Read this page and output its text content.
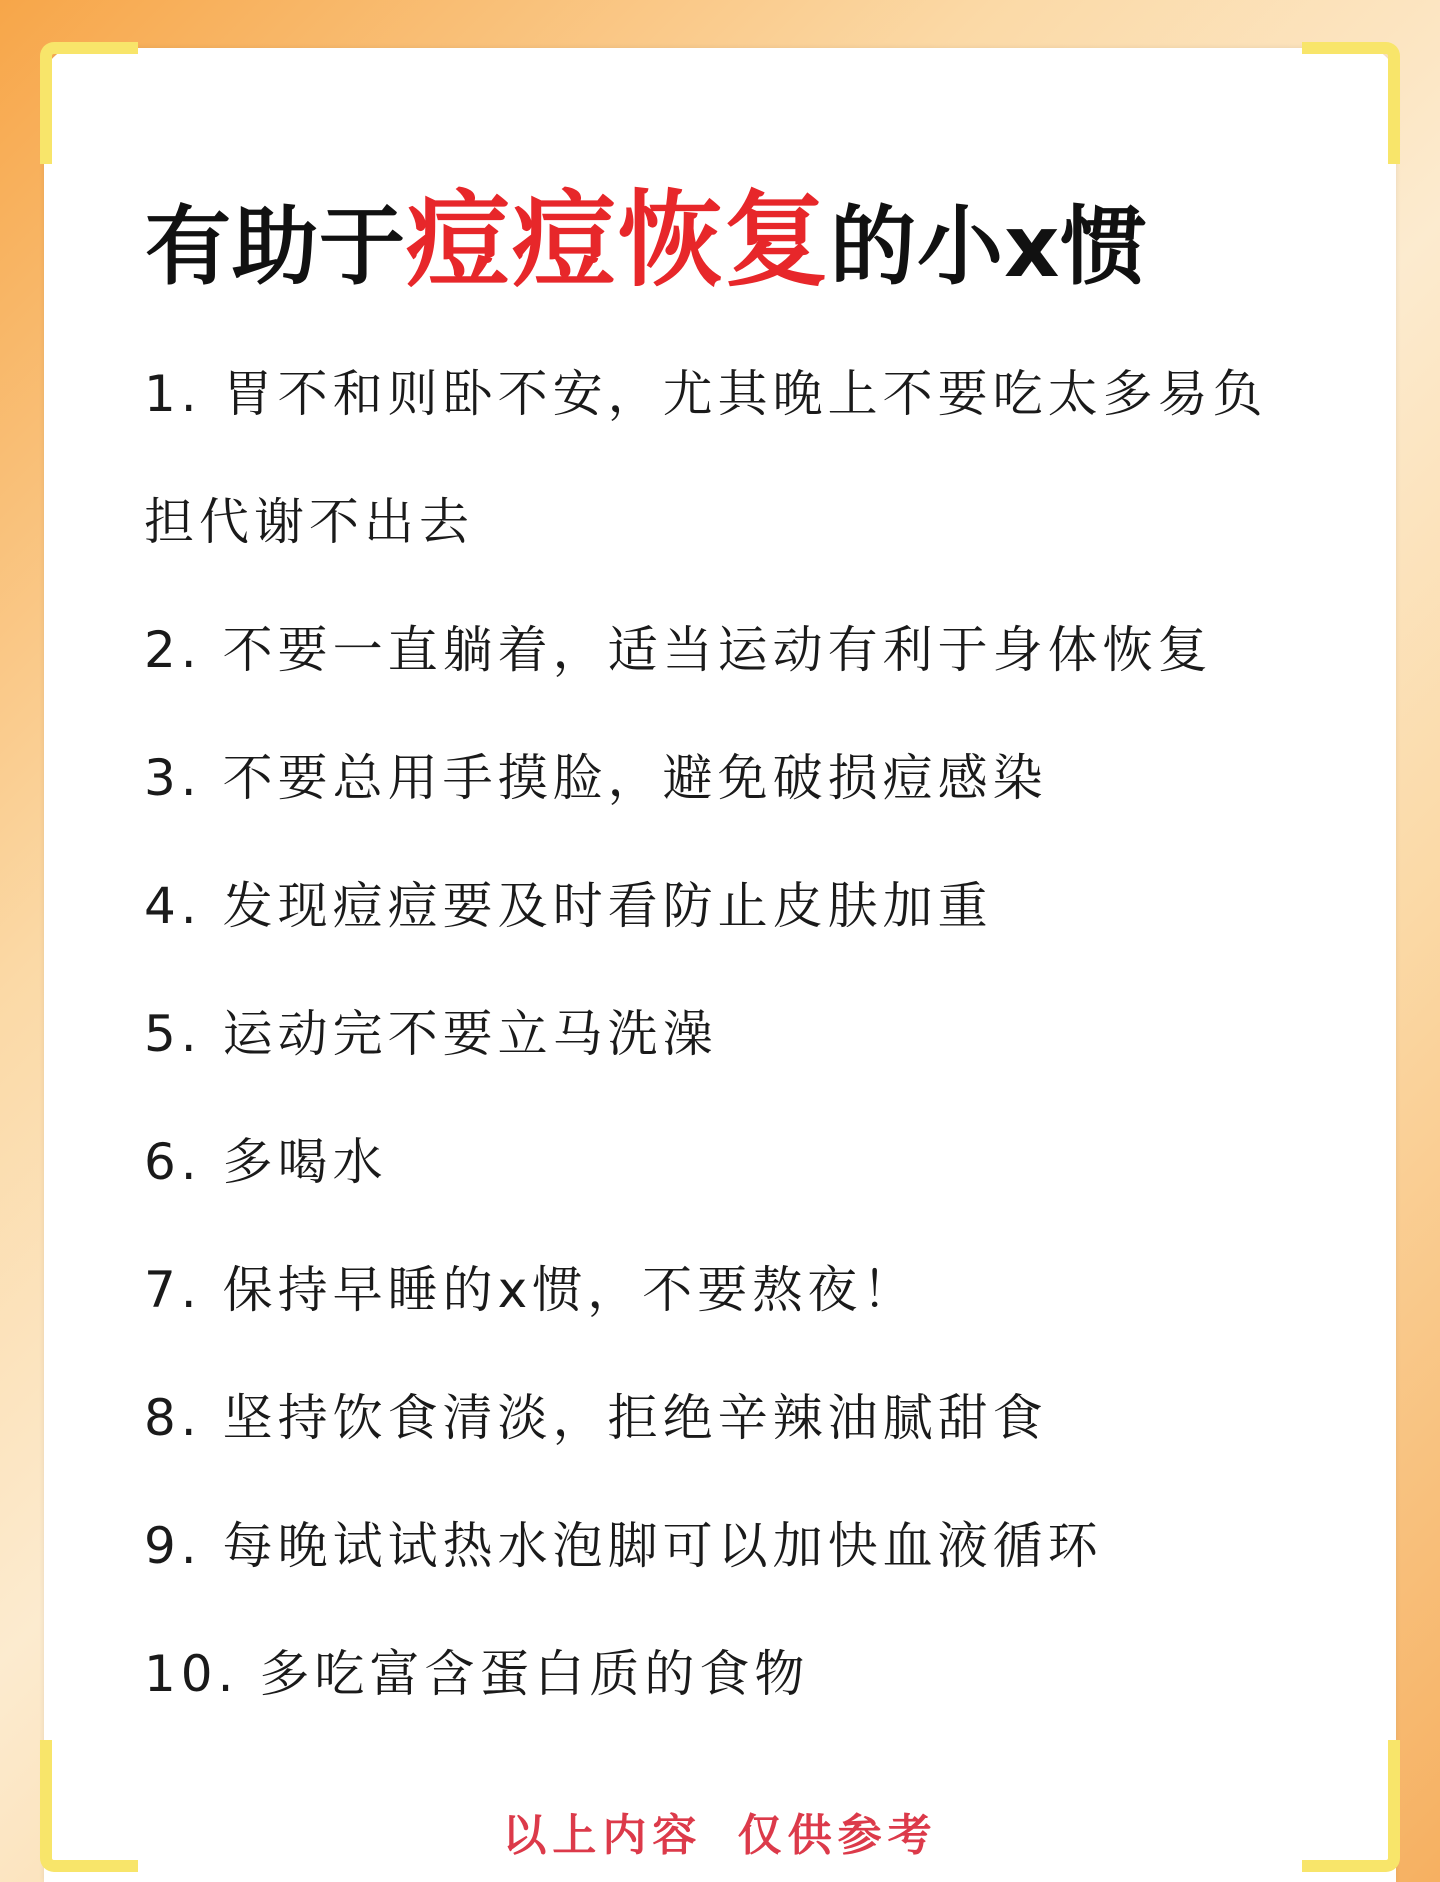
有助于痘痘恢复的小x惯
1. 胃不和则卧不安，尤其晚上不要吃太多易负担代谢不出去
2. 不要一直躺着，适当运动有利于身体恢复
3. 不要总用手摸脸，避免破损痘感染
4. 发现痘痘要及时看防止皮肤加重
5. 运动完不要立马洗澡
6. 多喝水
7. 保持早睡的x惯，不要熬夜！
8. 坚持饮食清淡，拒绝辛辣油腻甜食
9. 每晚试试热水泡脚可以加快血液循环
10. 多吃富含蛋白质的食物
以上内容 仅供参考
